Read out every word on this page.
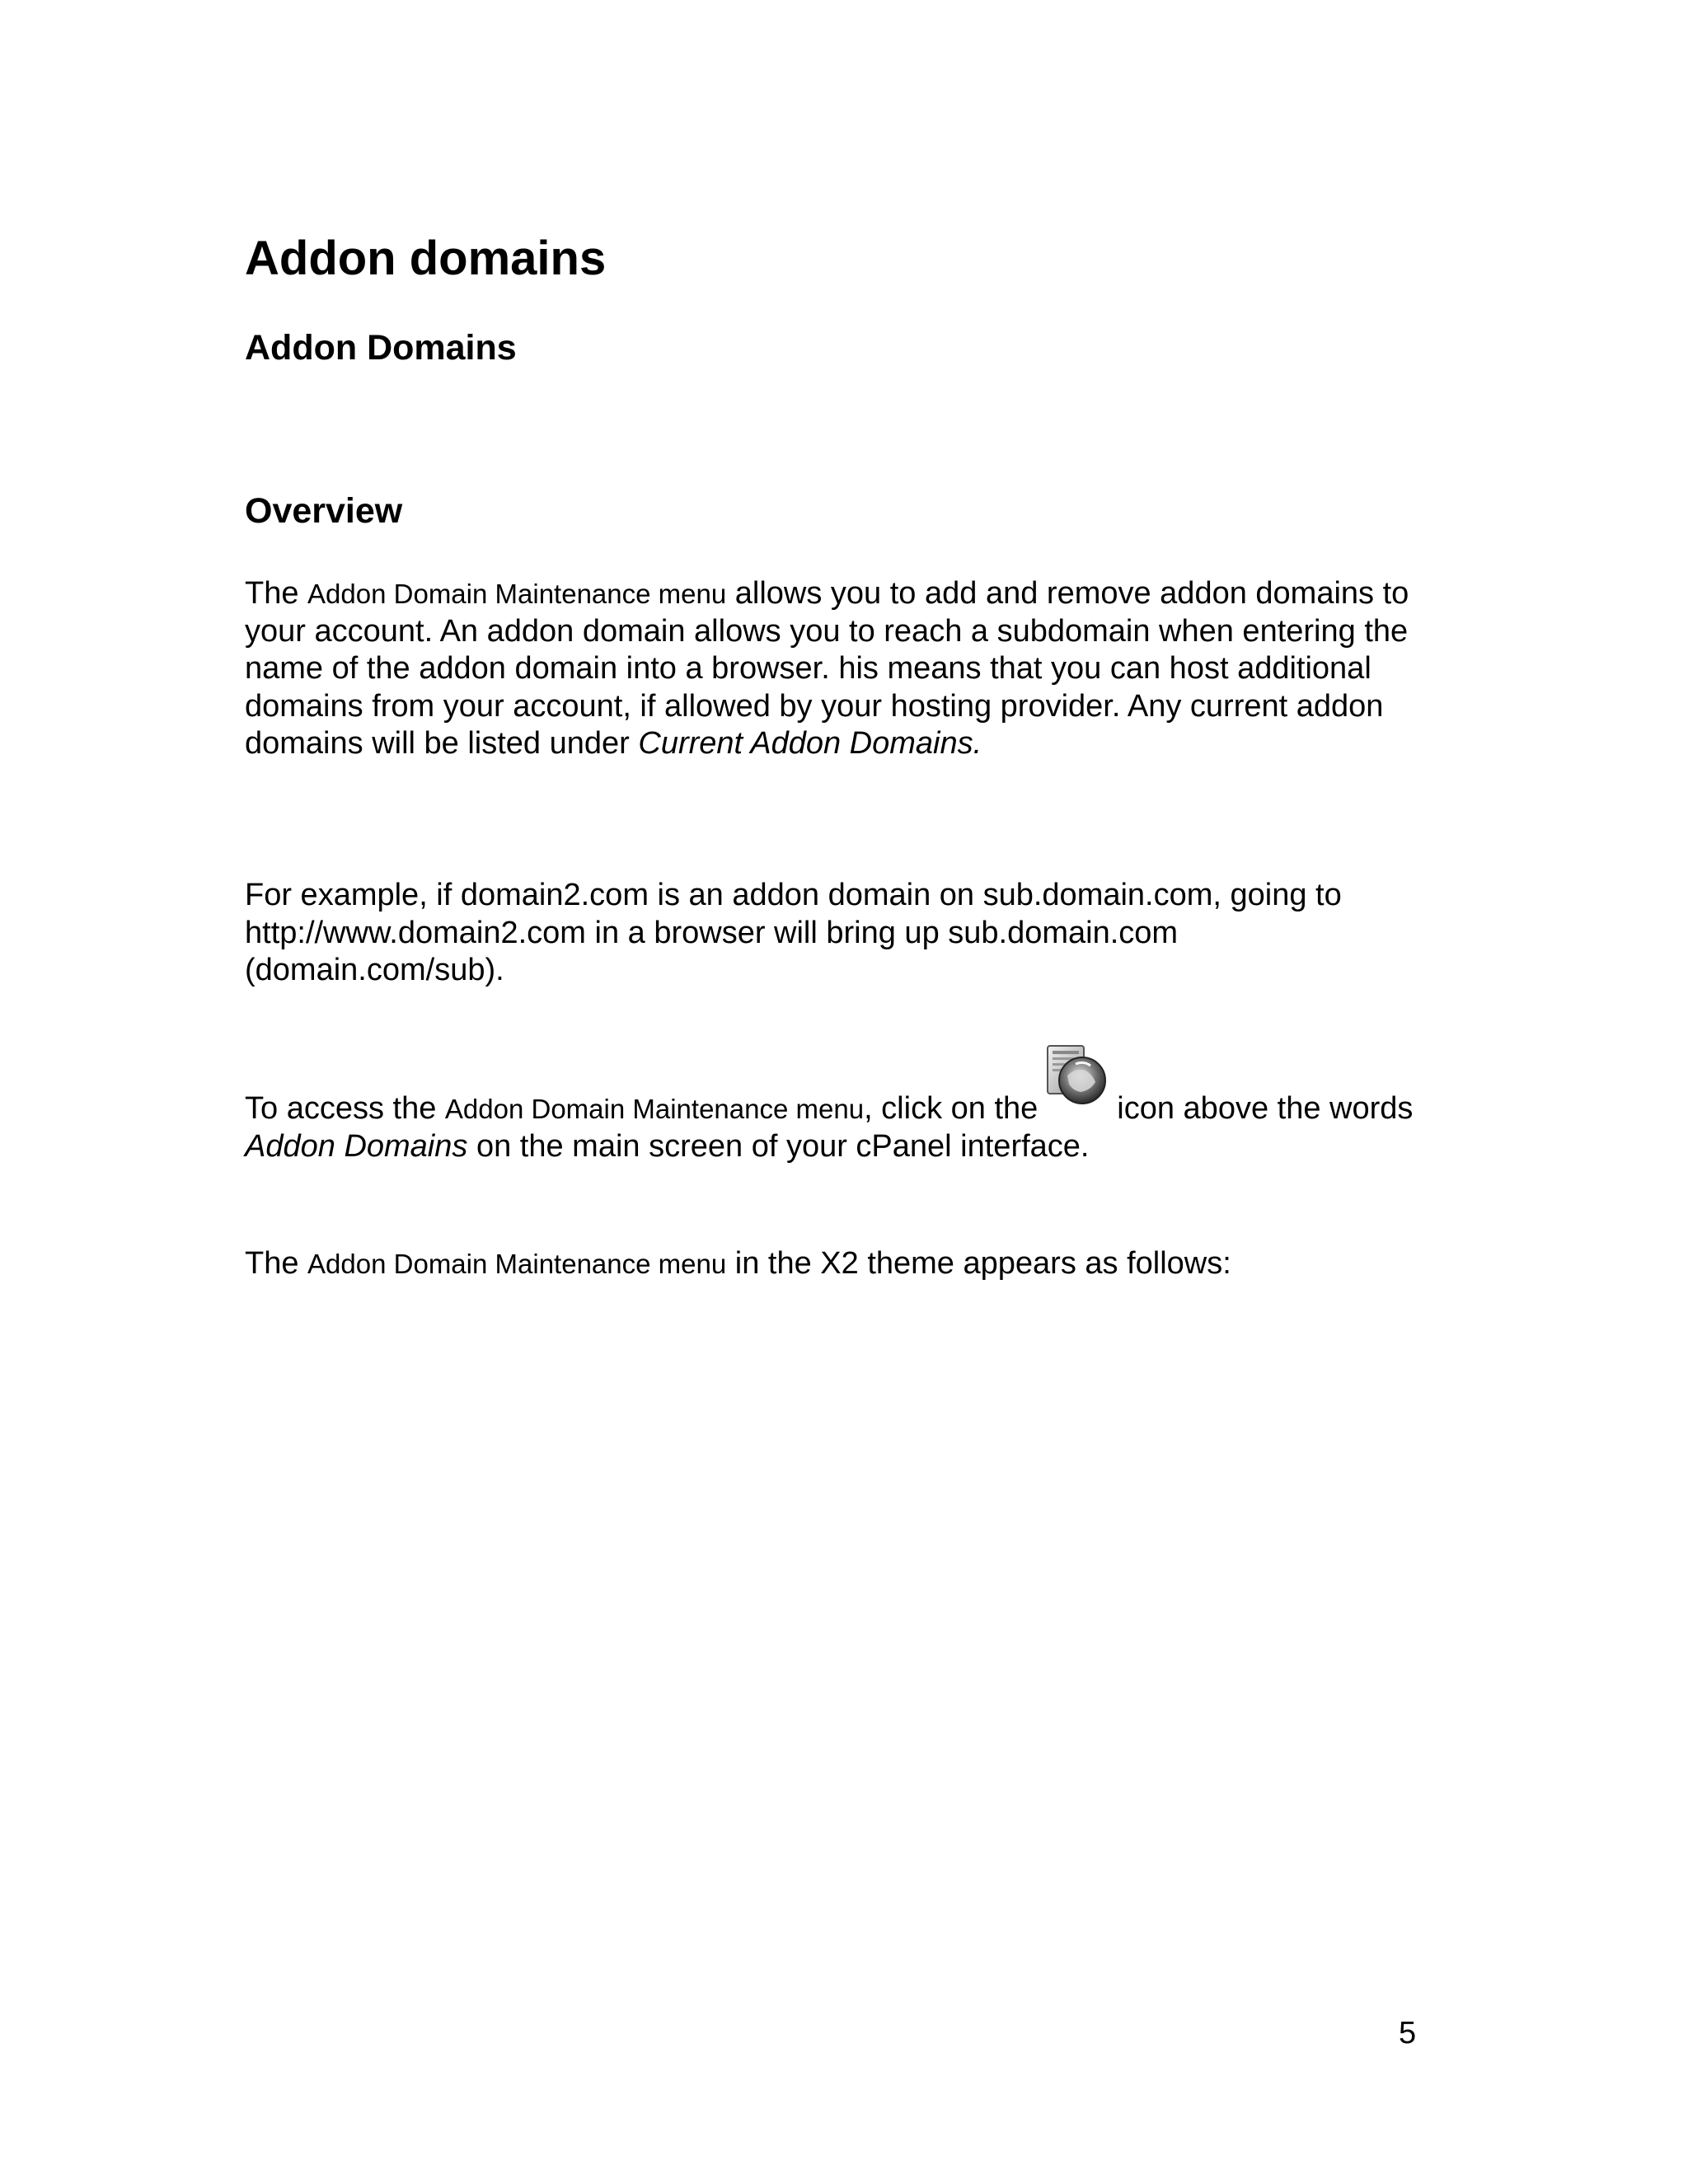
Addon domains
Addon Domains
Overview

The Addon Domain Maintenance menu allows you to add and remove addon domains to your account. An addon domain allows you to reach a subdomain when entering the name of the addon domain into a browser. his means that you can host additional domains from your account, if allowed by your hosting provider. Any current addon domains will be listed under Current Addon Domains.

For example, if domain2.com is an addon domain on sub.domain.com, going to http://www.domain2.com in a browser will bring up sub.domain.com (domain.com/sub).

To access the Addon Domain Maintenance menu, click on the	icon above the words Addon Domains on the main screen of your cPanel interface.

The Addon Domain Maintenance menu in the X2 theme appears as follows:

5
